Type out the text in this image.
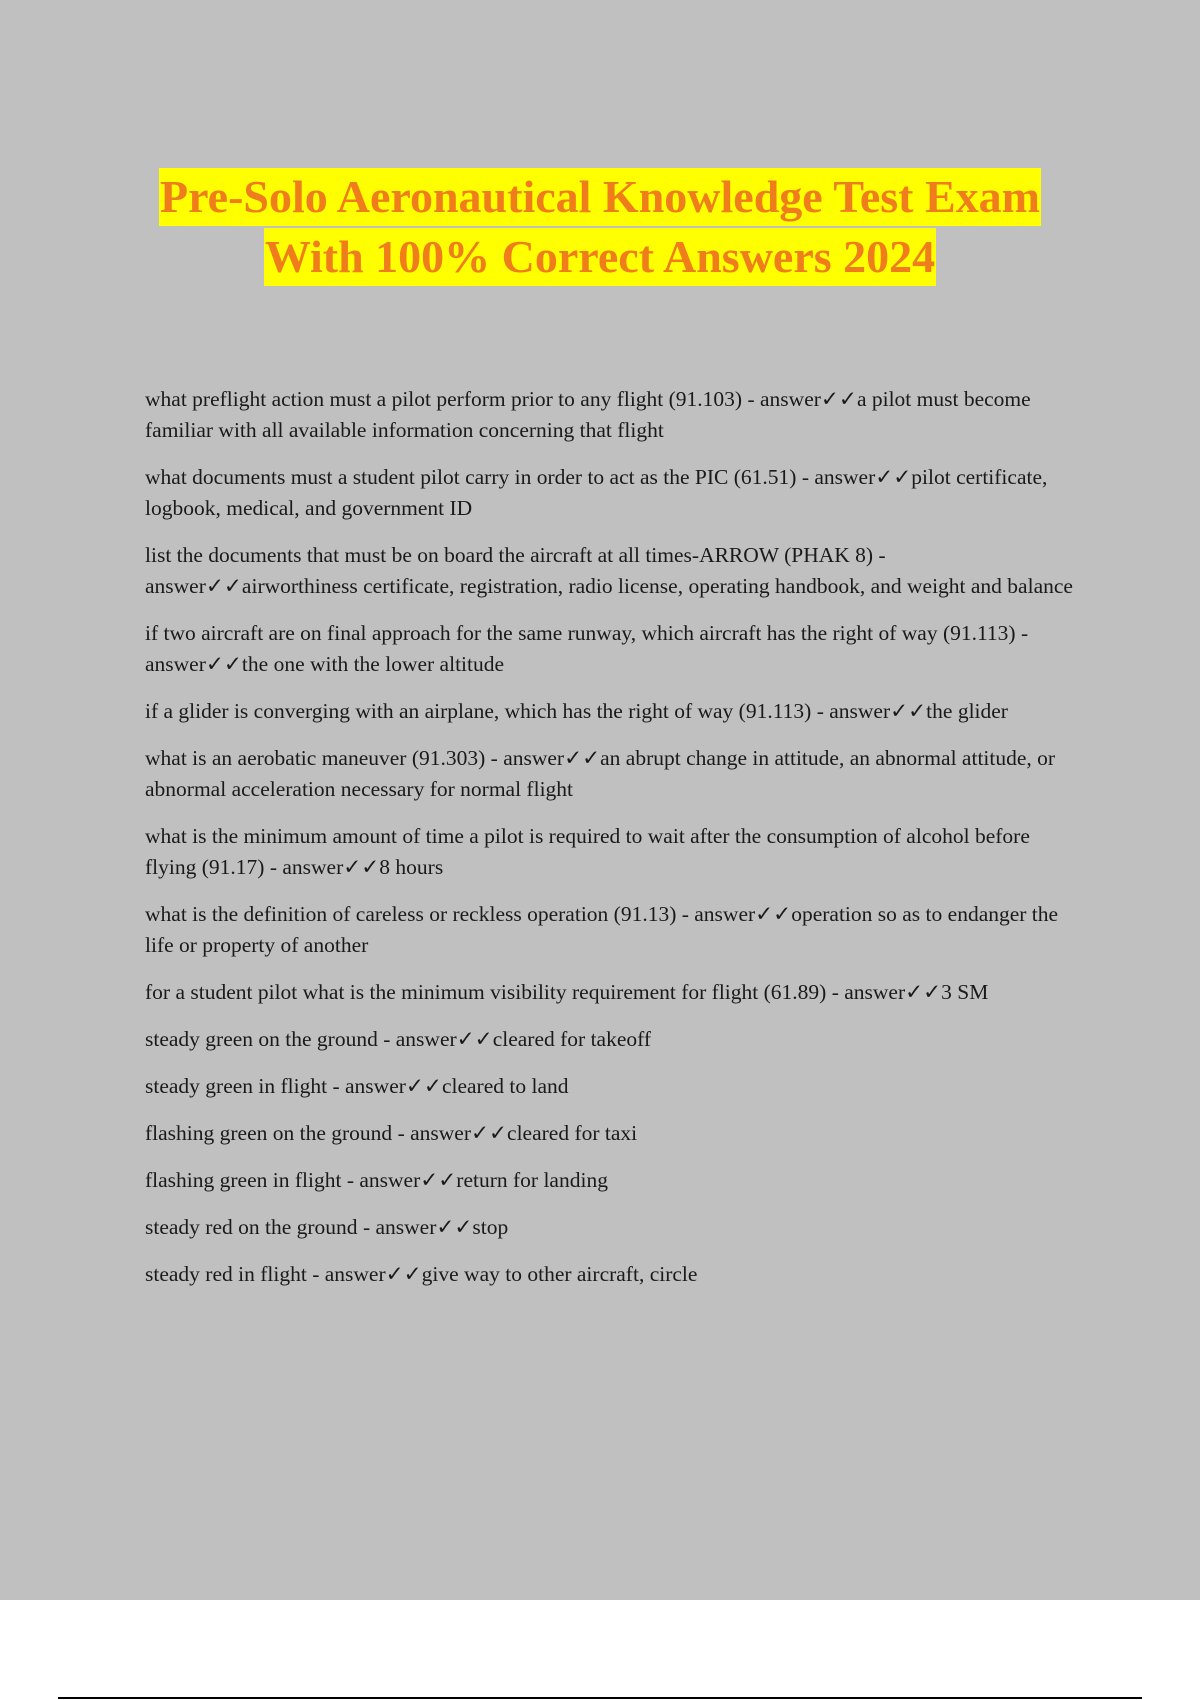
Pre-Solo Aeronautical Knowledge Test Exam
With 100% Correct Answers 2024
what preflight action must a pilot perform prior to any flight (91.103) - answer✓✓a pilot must become familiar with all available information concerning that flight
what documents must a student pilot carry in order to act as the PIC (61.51) - answer✓✓pilot certificate, logbook, medical, and government ID
list the documents that must be on board the aircraft at all times-ARROW (PHAK 8) - answer✓✓airworthiness certificate, registration, radio license, operating handbook, and weight and balance
if two aircraft are on final approach for the same runway, which aircraft has the right of way (91.113) - answer✓✓the one with the lower altitude
if a glider is converging with an airplane, which has the right of way (91.113) - answer✓✓the glider
what is an aerobatic maneuver (91.303) - answer✓✓an abrupt change in attitude, an abnormal attitude, or abnormal acceleration necessary for normal flight
what is the minimum amount of time a pilot is required to wait after the consumption of alcohol before flying (91.17) - answer✓✓8 hours
what is the definition of careless or reckless operation (91.13) - answer✓✓operation so as to endanger the life or property of another
for a student pilot what is the minimum visibility requirement for flight (61.89) - answer✓✓3 SM
steady green on the ground - answer✓✓cleared for takeoff
steady green in flight - answer✓✓cleared to land
flashing green on the ground - answer✓✓cleared for taxi
flashing green in flight - answer✓✓return for landing
steady red on the ground - answer✓✓stop
steady red in flight - answer✓✓give way to other aircraft, circle
